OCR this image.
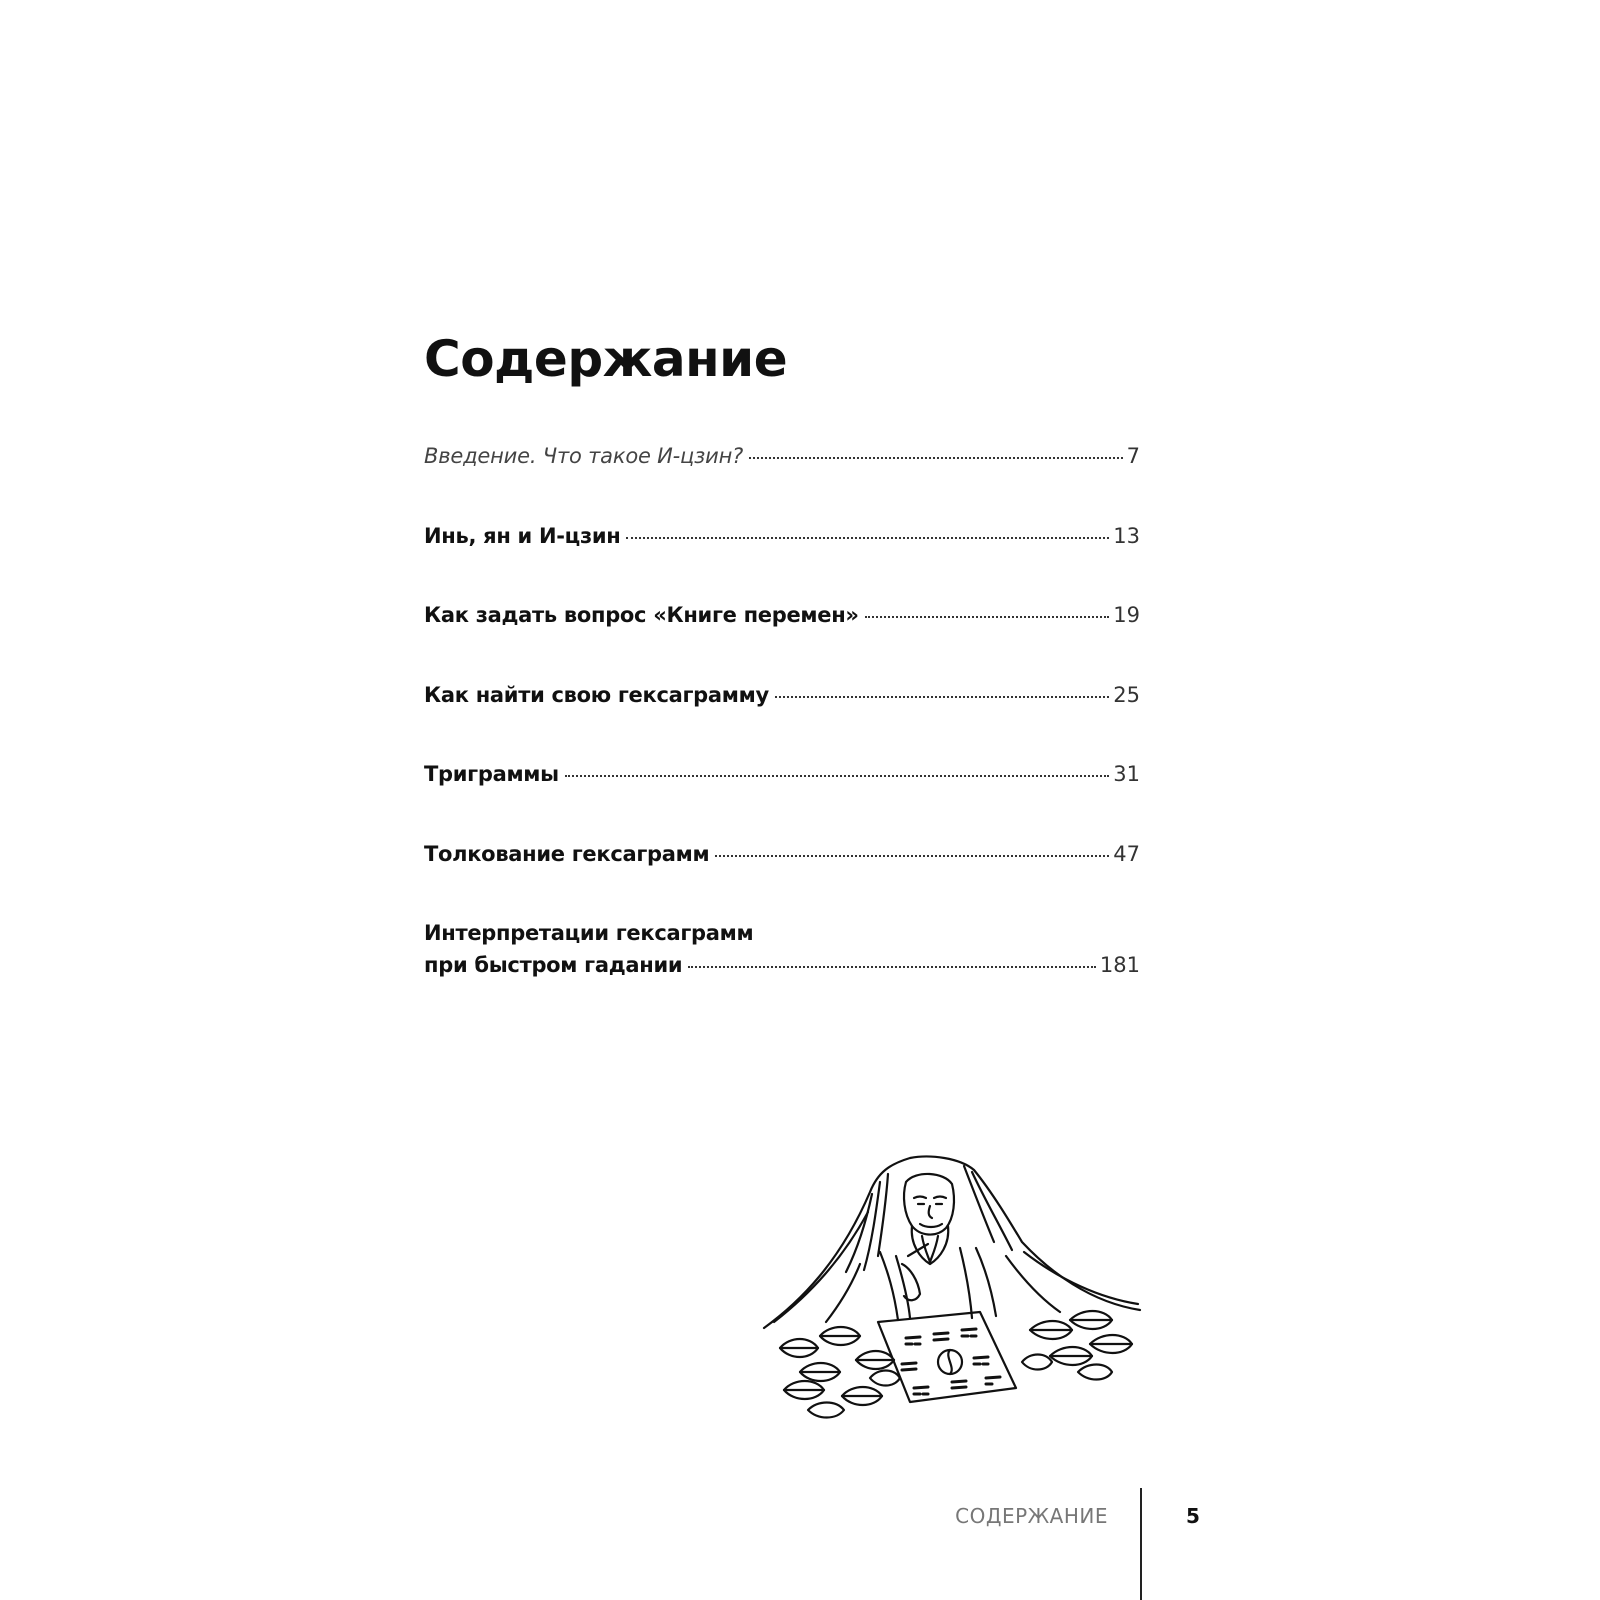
Содержание
Введение. Что такое И-цзин?	7
Инь, ян и И-цзин	13
Как задать вопрос «Книге перемен»	19
Как найти свою гексаграмму	25
Триграммы	31
Толкование гексаграмм	47
Интерпретации гексаграмм
при быстром гадании	181
СОДЕРЖАНИЕ	5
